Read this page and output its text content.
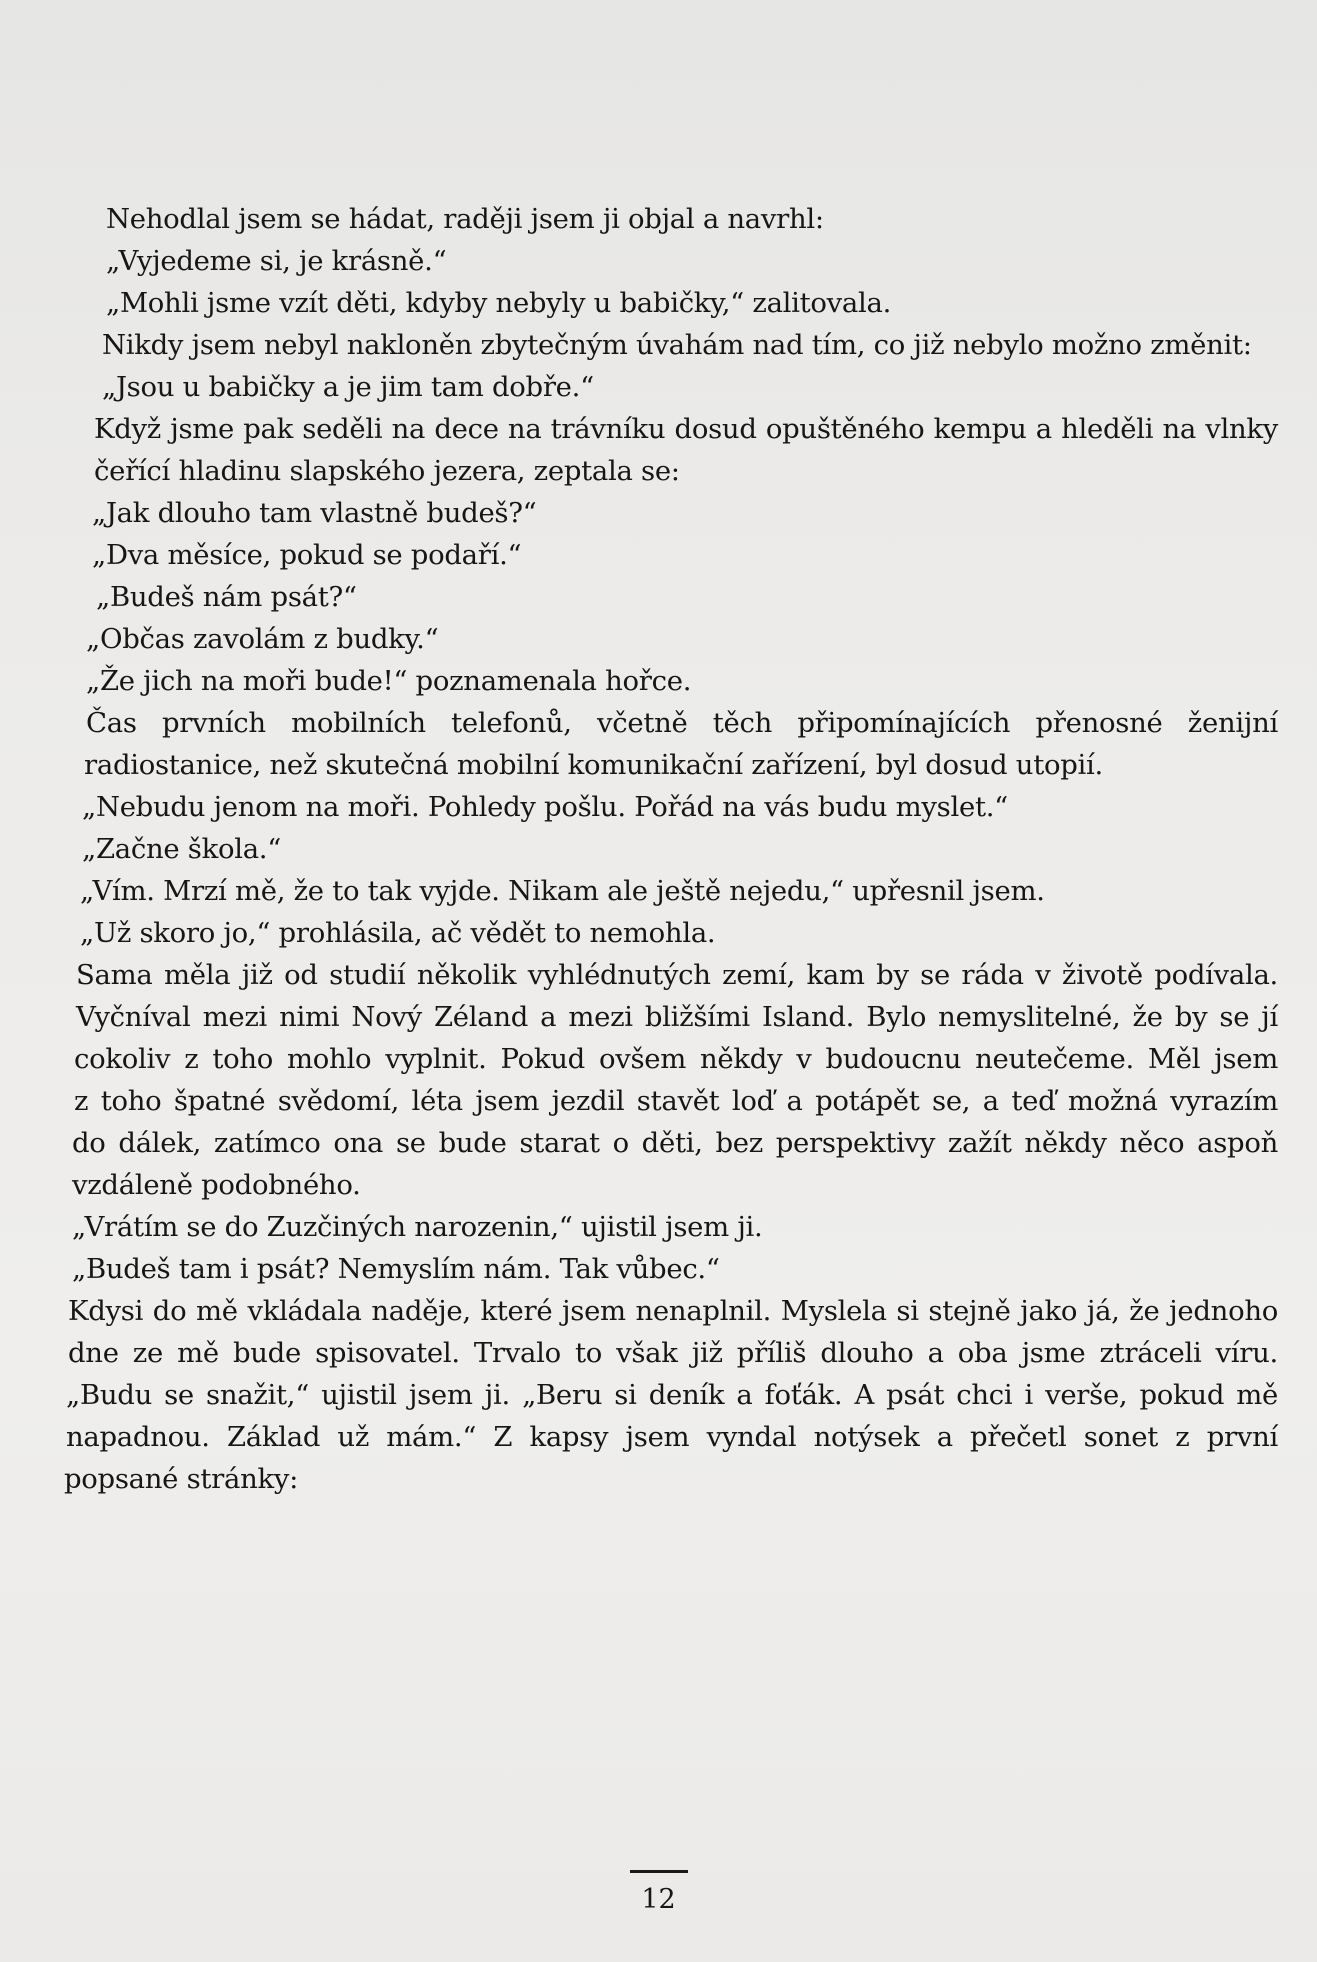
Nehodlal jsem se hádat, raději jsem ji objal a navrhl:
„Vyjedeme si, je krásně.“
„Mohli jsme vzít děti, kdyby nebyly u babičky,“ zalitovala.
Nikdy jsem nebyl nakloněn zbytečným úvahám nad tím, co již nebylo možno změnit:
„Jsou u babičky a je jim tam dobře.“
Když jsme pak seděli na dece na trávníku dosud opuštěného kempu a hleděli na vlnky
čeřící hladinu slapského jezera, zeptala se:
„Jak dlouho tam vlastně budeš?“
„Dva měsíce, pokud se podaří.“
„Budeš nám psát?“
„Občas zavolám z budky.“
„Že jich na moři bude!“ poznamenala hořce.
Čas prvních mobilních telefonů, včetně těch připomínajících přenosné ženijní
radiostanice, než skutečná mobilní komunikační zařízení, byl dosud utopií.
„Nebudu jenom na moři. Pohledy pošlu. Pořád na vás budu myslet.“
„Začne škola.“
„Vím. Mrzí mě, že to tak vyjde. Nikam ale ještě nejedu,“ upřesnil jsem.
„Už skoro jo,“ prohlásila, ač vědět to nemohla.
Sama měla již od studií několik vyhlédnutých zemí, kam by se ráda v životě podívala.
Vyčníval mezi nimi Nový Zéland a mezi bližšími Island. Bylo nemyslitelné, že by se jí
cokoliv z toho mohlo vyplnit. Pokud ovšem někdy v budoucnu neutečeme. Měl jsem
z toho špatné svědomí, léta jsem jezdil stavět loď a potápět se, a teď možná vyrazím
do dálek, zatímco ona se bude starat o děti, bez perspektivy zažít někdy něco aspoň
vzdáleně podobného.
„Vrátím se do Zuzčiných narozenin,“ ujistil jsem ji.
„Budeš tam i psát? Nemyslím nám. Tak vůbec.“
Kdysi do mě vkládala naděje, které jsem nenaplnil. Myslela si stejně jako já, že jednoho
dne ze mě bude spisovatel. Trvalo to však již příliš dlouho a oba jsme ztráceli víru.
„Budu se snažit,“ ujistil jsem ji. „Beru si deník a foťák. A psát chci i verše, pokud mě
napadnou. Základ už mám.“ Z kapsy jsem vyndal notýsek a přečetl sonet z první
popsané stránky:
12
